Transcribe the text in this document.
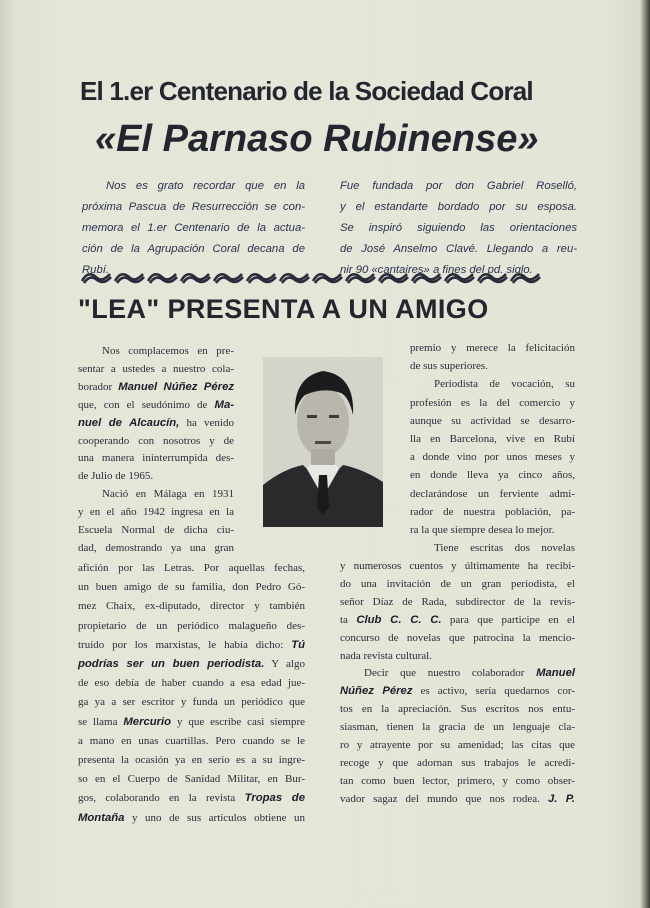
El 1.er Centenario de la Sociedad Coral
«El Parnaso Rubinense»
Nos es grato recordar que en la
próxima Pascua de Resurrección se con-
memora el 1.er Centenario de la actua-
ción de la Agrupación Coral decana de
Rubí.
Fue fundada por don Gabriel Roselló,
y el estandarte bordado por su esposa.
Se inspiró siguiendo las orientaciones
de José Anselmo Clavé. Llegando a reu-
nir 90 «cantaires» a fines del pd. siglo.
"LEA" PRESENTA A UN AMIGO
Nos complacemos en pre-
sentar a ustedes a nuestro cola-
borador Manuel Núñez Pérez
que, con el seudónimo de Ma-
nuel de Alcaucín, ha venido
cooperando con nosotros y de
una manera ininterrumpida des-
de Julio de 1965.
Nació en Málaga en 1931
y en el año 1942 ingresa en la
Escuela Normal de dicha ciu-
dad, demostrando ya una gran
afición por las Letras. Por aquellas fechas,
un buen amigo de su familia, don Pedro Gó-
mez Chaix, ex-diputado, director y también
propietario de un periódico malagueño des-
truído por los marxistas, le había dicho: Tú
podrías ser un buen periodista. Y algo
de eso debía de haber cuando a esa edad jue-
ga ya a ser escritor y funda un periódico que
se llama Mercurio y que escribe casi siempre
a mano en unas cuartillas. Pero cuando se le
presenta la ocasión ya en serio es a su ingre-
so en el Cuerpo de Sanidad Militar, en Bur-
gos, colaborando en la revista Tropas de
Montaña y uno de sus artículos obtiene un
premio y merece la felicitación
de sus superiores.
Periodista de vocación, su
profesión es la del comercio y
aunque su actividad se desarro-
lla en Barcelona, vive en Rubí
a donde vino por unos meses y
en donde lleva ya cinco años,
declarándose un ferviente admi-
rador de nuestra población, pa-
ra la que siempre desea lo mejor.
Tiene escritas dos novelas
y numerosos cuentos y últimamente ha recibi-
do una invitación de un gran periodista, el
señor Díaz de Rada, subdirector de la revis-
ta Club C. C. C. para que participe en el
concurso de novelas que patrocina la mencio-
nada revista cultural.
Decir que nuestro colaborador Manuel
Núñez Pérez es activo, sería quedarnos cor-
tos en la apreciación. Sus escritos nos entu-
siasman, tienen la gracia de un lenguaje cla-
ro y atrayente por su amenidad; las citas que
recoge y que adornan sus trabajos le acredi-
tan como buen lector, primero, y como obser-
vador sagaz del mundo que nos rodea. J. P.
